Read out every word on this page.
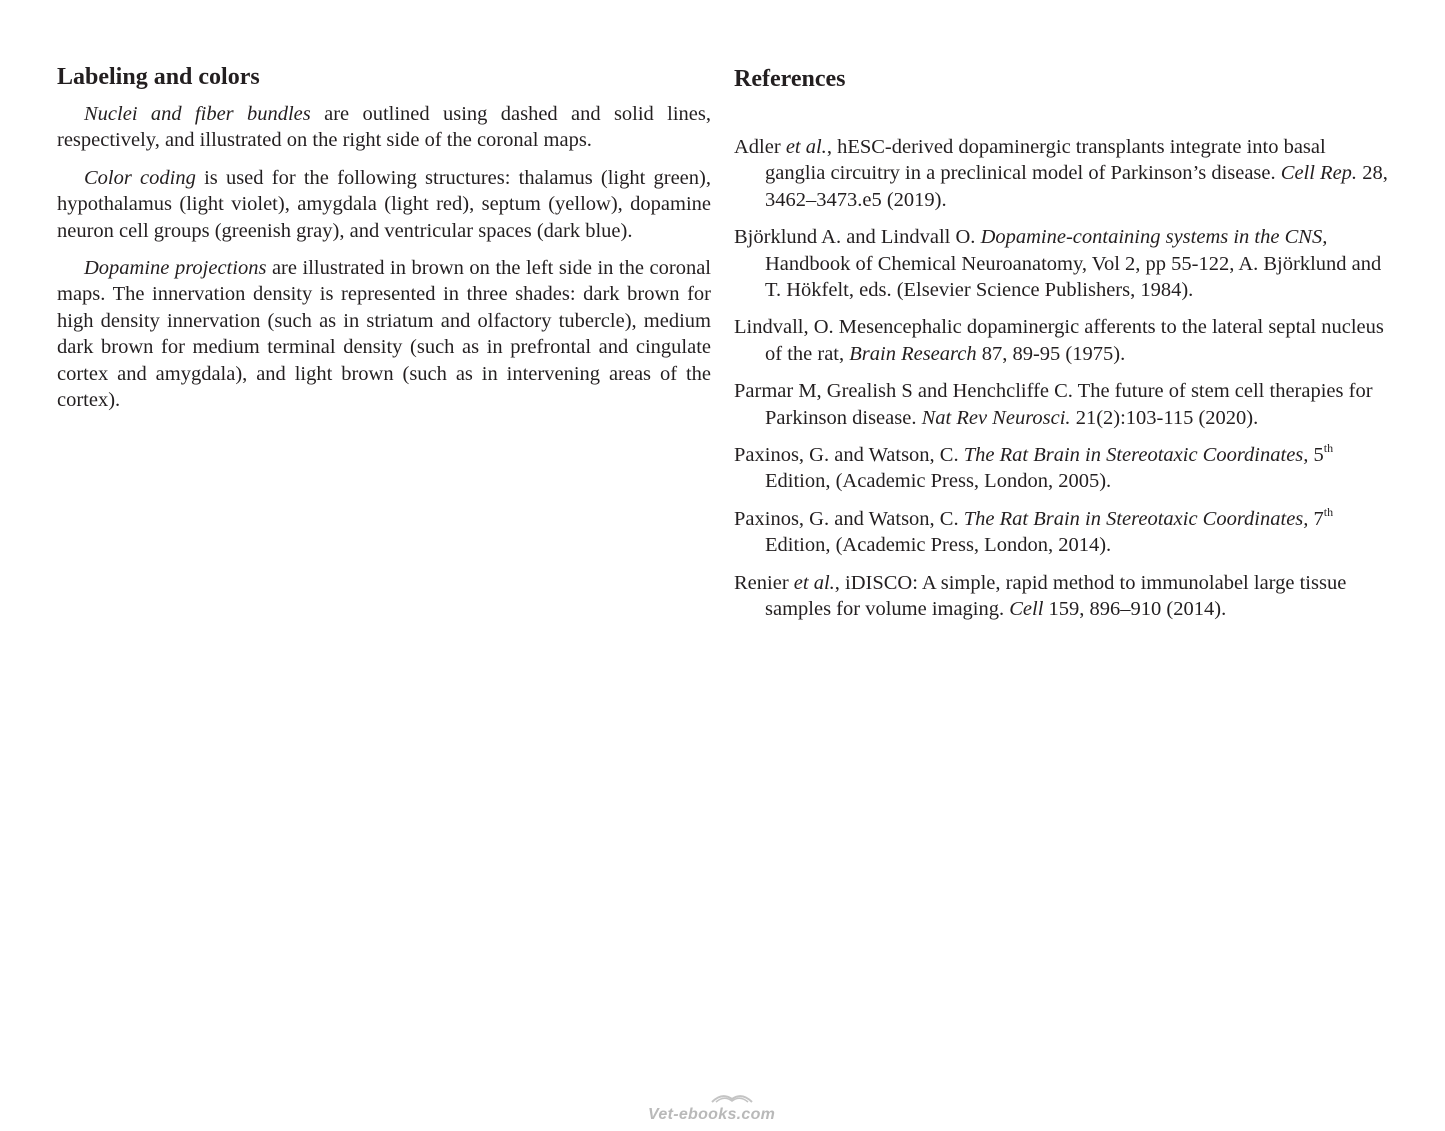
Labeling and colors

Nuclei and fiber bundles are outlined using dashed and solid lines, respectively, and illustrated on the right side of the coronal maps.

Color coding is used for the following structures: thalamus (light green), hypothalamus (light violet), amygdala (light red), septum (yellow), dopamine neuron cell groups (greenish gray), and ventricular spaces (dark blue).

Dopamine projections are illustrated in brown on the left side in the coronal maps. The innervation density is represented in three shades: dark brown for high density innervation (such as in striatum and olfactory tubercle), medium dark brown for medium terminal density (such as in prefrontal and cingulate cortex and amygdala), and light brown (such as in intervening areas of the cortex).

References
Adler et al., hESC-derived dopaminergic transplants integrate into basal ganglia circuitry in a preclinical model of Parkinson’s disease. Cell Rep. 28, 3462–3473.e5 (2019).
Björklund A. and Lindvall O. Dopamine-containing systems in the CNS, Handbook of Chemical Neuroanatomy, Vol 2, pp 55-122, A. Björklund and T. Hökfelt, eds. (Elsevier Science Publishers, 1984).
Lindvall, O. Mesencephalic dopaminergic afferents to the lateral septal nucleus of the rat, Brain Research 87, 89-95 (1975).
Parmar M, Grealish S and Henchcliffe C. The future of stem cell therapies for Parkinson disease. Nat Rev Neurosci. 21(2):103-115 (2020).
Paxinos, G. and Watson, C. The Rat Brain in Stereotaxic Coordinates, 5th
Edition, (Academic Press, London, 2005).
Paxinos, G. and Watson, C. The Rat Brain in Stereotaxic Coordinates, 7th
Edition, (Academic Press, London, 2014).
Renier et al., iDISCO: A simple, rapid method to immunolabel large tissue samples for volume imaging. Cell 159, 896–910 (2014).
Vet-ebooks.com
